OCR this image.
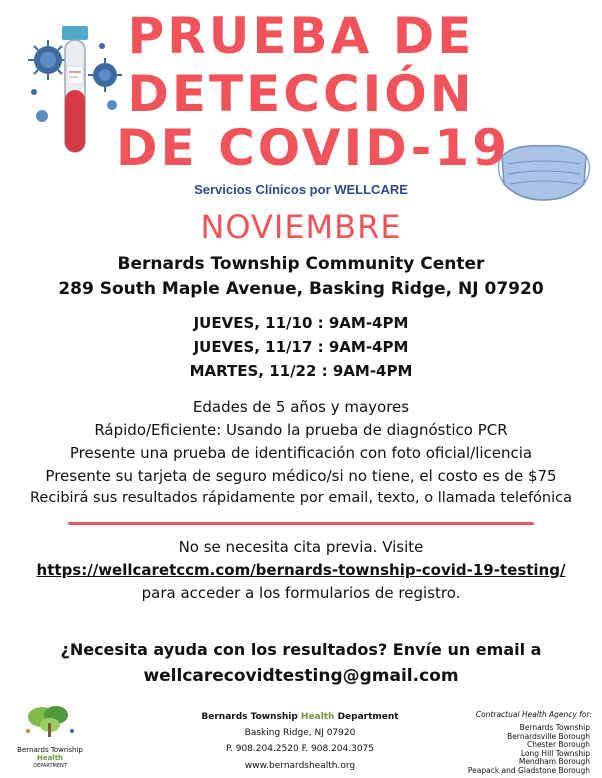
PRUEBA DE
DETECCIÓN
DE COVID-19
Servicios Clínicos por WELLCARE
NOVIEMBRE
Bernards Township Community Center
289 South Maple Avenue, Basking Ridge, NJ 07920
JUEVES, 11/10 : 9AM-4PM
JUEVES, 11/17 : 9AM-4PM
MARTES, 11/22 : 9AM-4PM
Edades de 5 años y mayores
Rápido/Eficiente: Usando la prueba de diagnóstico PCR
Presente una prueba de identificación con foto oficial/licencia
Presente su tarjeta de seguro médico/si no tiene, el costo es de $75
Recibirá sus resultados rápidamente por email, texto, o llamada telefónica
No se necesita cita previa. Visite
https://wellcaretccm.com/bernards-township-covid-19-testing/
para acceder a los formularios de registro.
¿Necesita ayuda con los resultados? Envíe un email a
wellcarecovidtesting@gmail.com
Bernards Township
Health
DEPARTMENT
Bernards Township Health Department
Basking Ridge, NJ 07920
P. 908.204.2520 F. 908.204.3075
www.bernardshealth.org
Contractual Health Agency for:
Bernards Township
Bernardsville Borough
Chester Borough
Long Hill Township
Mendham Borough
Peapack and Gladstone Borough
